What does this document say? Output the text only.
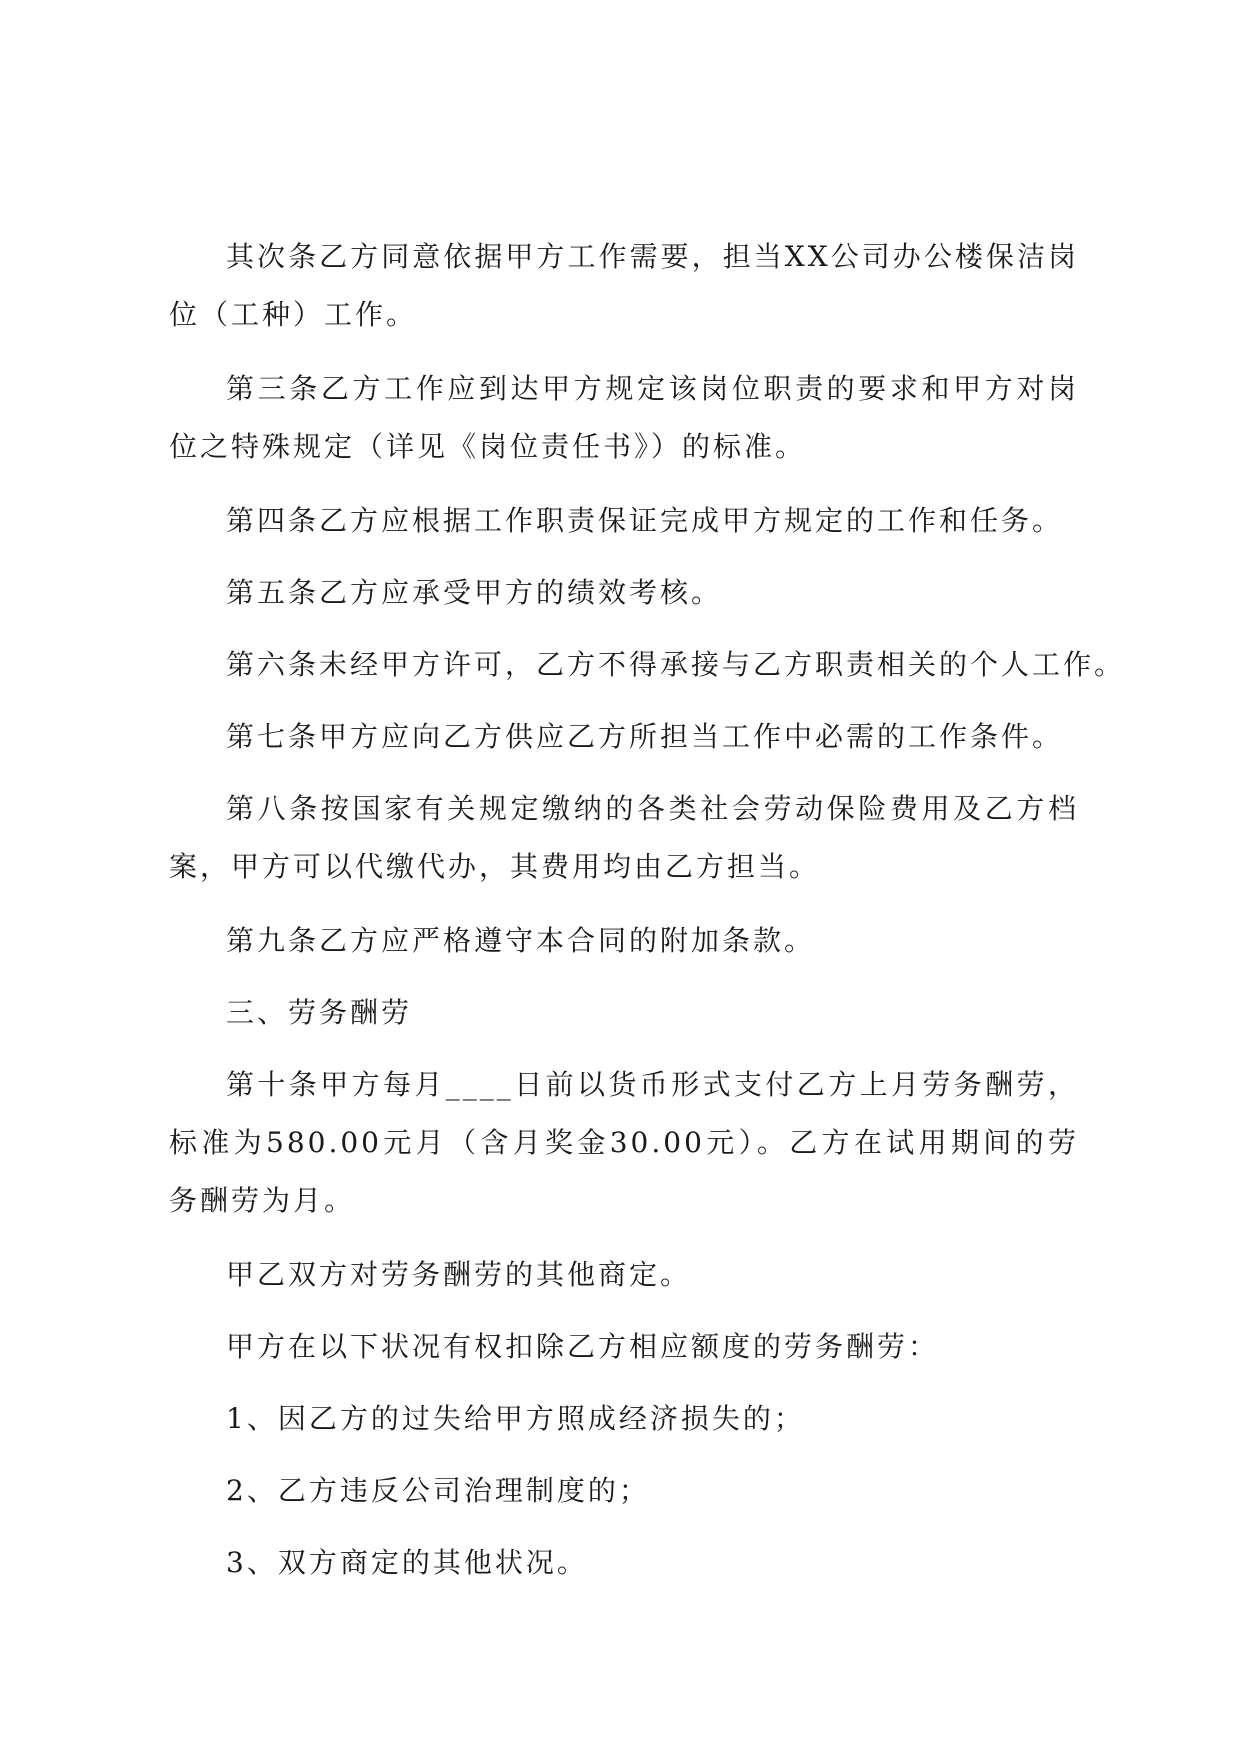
其次条乙方同意依据甲方工作需要，担当XX公司办公楼保洁岗位（工种）工作。

第三条乙方工作应到达甲方规定该岗位职责的要求和甲方对岗位之特殊规定（详见《岗位责任书》）的标准。

第四条乙方应根据工作职责保证完成甲方规定的工作和任务。

第五条乙方应承受甲方的绩效考核。

第六条未经甲方许可，乙方不得承接与乙方职责相关的个人工作。

第七条甲方应向乙方供应乙方所担当工作中必需的工作条件。

第八条按国家有关规定缴纳的各类社会劳动保险费用及乙方档案，甲方可以代缴代办，其费用均由乙方担当。

第九条乙方应严格遵守本合同的附加条款。

三、劳务酬劳

第十条甲方每月____日前以货币形式支付乙方上月劳务酬劳，标准为580.00元月（含月奖金30.00元）。乙方在试用期间的劳务酬劳为月。

甲乙双方对劳务酬劳的其他商定。

甲方在以下状况有权扣除乙方相应额度的劳务酬劳：

1、因乙方的过失给甲方照成经济损失的；

2、乙方违反公司治理制度的；

3、双方商定的其他状况。
